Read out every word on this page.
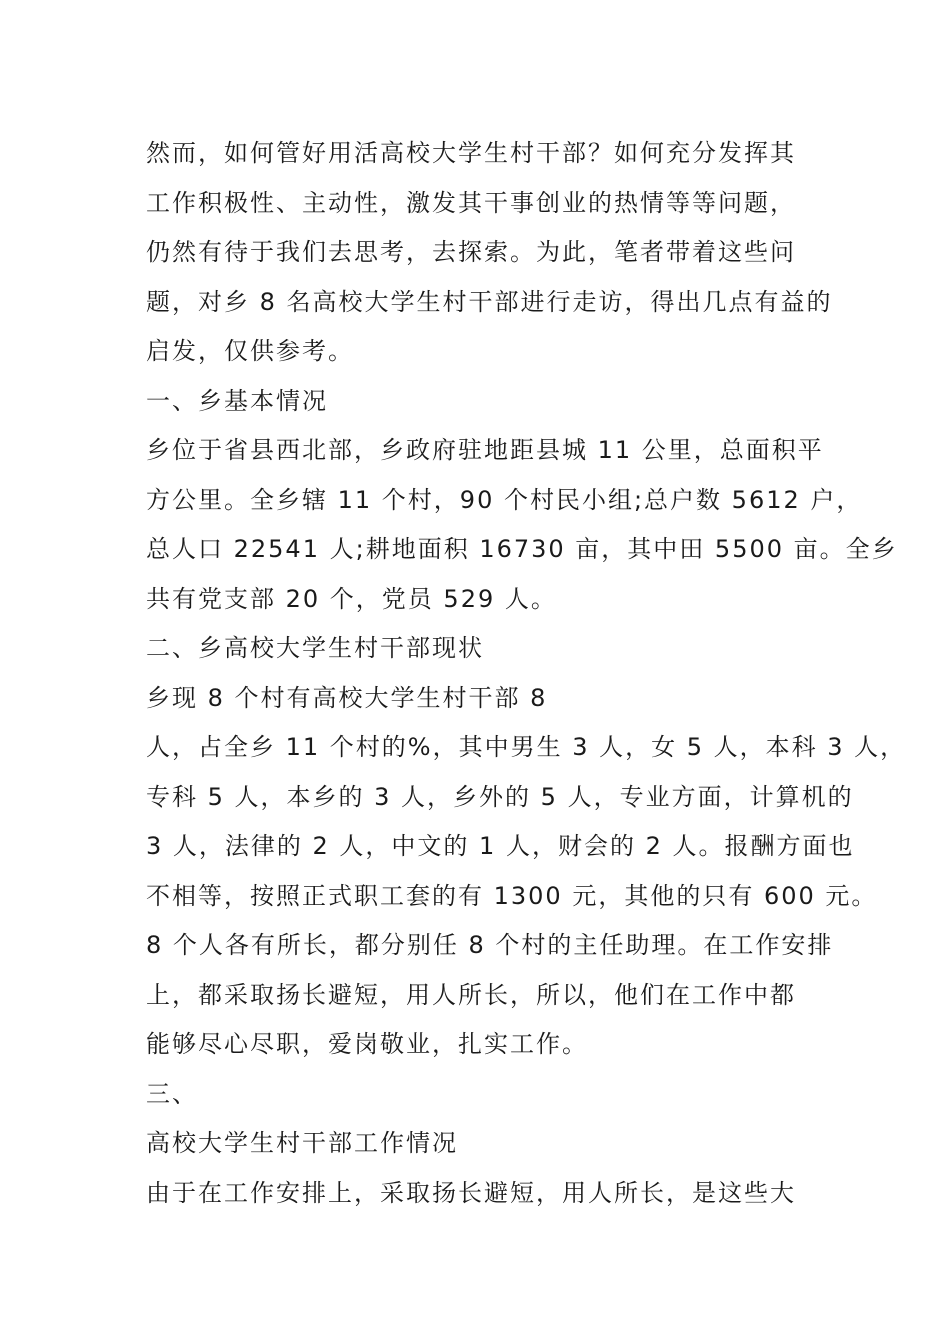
然而，如何管好用活高校大学生村干部？如何充分发挥其
工作积极性、主动性，激发其干事创业的热情等等问题，
仍然有待于我们去思考，去探索。为此，笔者带着这些问
题，对乡 8 名高校大学生村干部进行走访，得出几点有益的
启发，仅供参考。
一、乡基本情况
乡位于省县西北部，乡政府驻地距县城 11 公里，总面积平
方公里。全乡辖 11 个村，90 个村民小组;总户数 5612 户，
总人口 22541 人;耕地面积 16730 亩，其中田 5500 亩。全乡
共有党支部 20 个，党员 529 人。
二、乡高校大学生村干部现状
乡现 8 个村有高校大学生村干部 8
人，占全乡 11 个村的%，其中男生 3 人，女 5 人，本科 3 人，
专科 5 人，本乡的 3 人，乡外的 5 人，专业方面，计算机的
3 人，法律的 2 人，中文的 1 人，财会的 2 人。报酬方面也
不相等，按照正式职工套的有 1300 元，其他的只有 600 元。
8 个人各有所长，都分别任 8 个村的主任助理。在工作安排
上，都采取扬长避短，用人所长，所以，他们在工作中都
能够尽心尽职，爱岗敬业，扎实工作。
三、
高校大学生村干部工作情况
由于在工作安排上，采取扬长避短，用人所长，是这些大
